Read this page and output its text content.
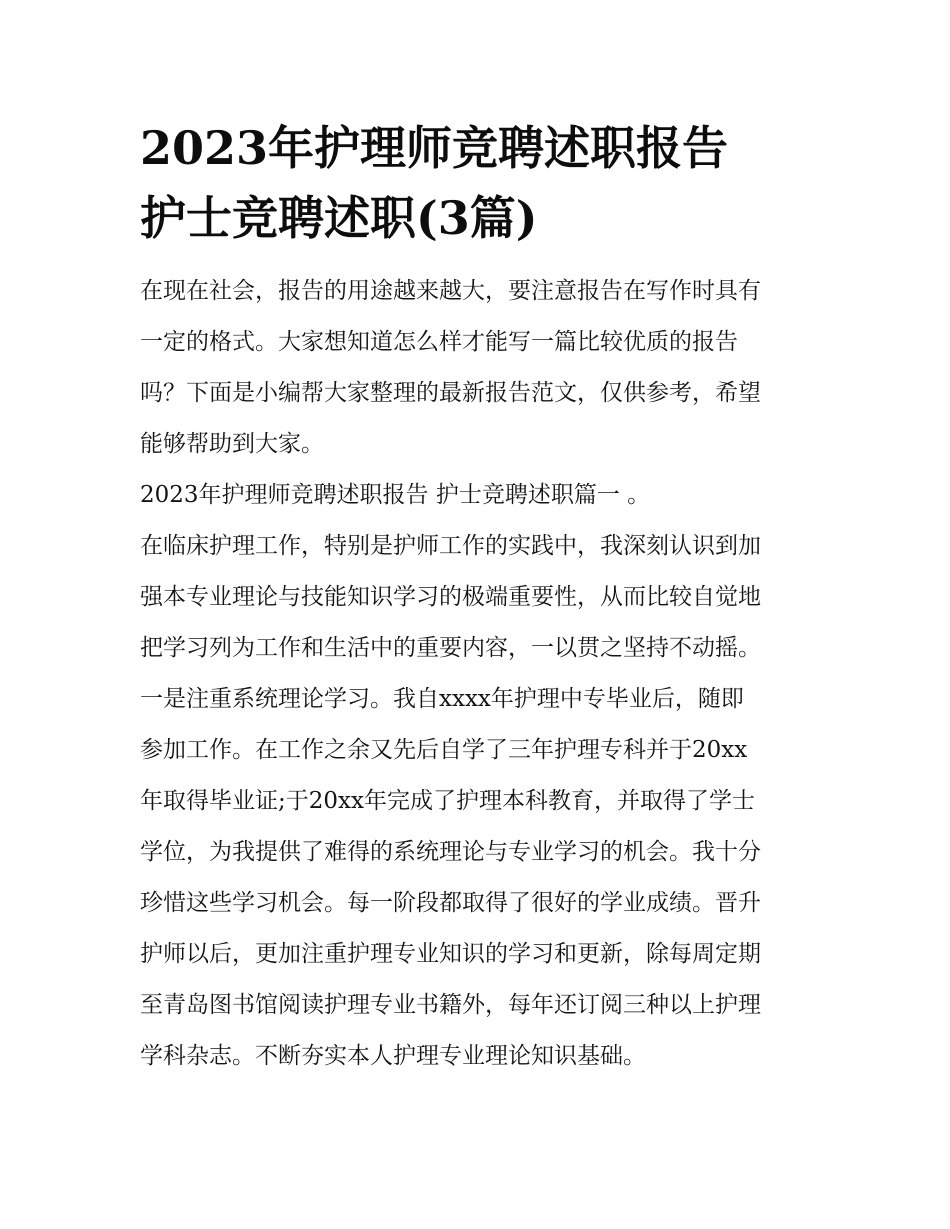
2023年护理师竞聘述职报告
护士竞聘述职(3篇)
在现在社会，报告的用途越来越大，要注意报告在写作时具有
一定的格式。大家想知道怎么样才能写一篇比较优质的报告
吗？下面是小编帮大家整理的最新报告范文，仅供参考，希望
能够帮助到大家。
2023年护理师竞聘述职报告 护士竞聘述职篇一 。
在临床护理工作，特别是护师工作的实践中，我深刻认识到加
强本专业理论与技能知识学习的极端重要性，从而比较自觉地
把学习列为工作和生活中的重要内容，一以贯之坚持不动摇。
一是注重系统理论学习。我自xxxx年护理中专毕业后，随即
参加工作。在工作之余又先后自学了三年护理专科并于20xx
年取得毕业证;于20xx年完成了护理本科教育，并取得了学士
学位，为我提供了难得的系统理论与专业学习的机会。我十分
珍惜这些学习机会。每一阶段都取得了很好的学业成绩。晋升
护师以后，更加注重护理专业知识的学习和更新，除每周定期
至青岛图书馆阅读护理专业书籍外，每年还订阅三种以上护理
学科杂志。不断夯实本人护理专业理论知识基础。
